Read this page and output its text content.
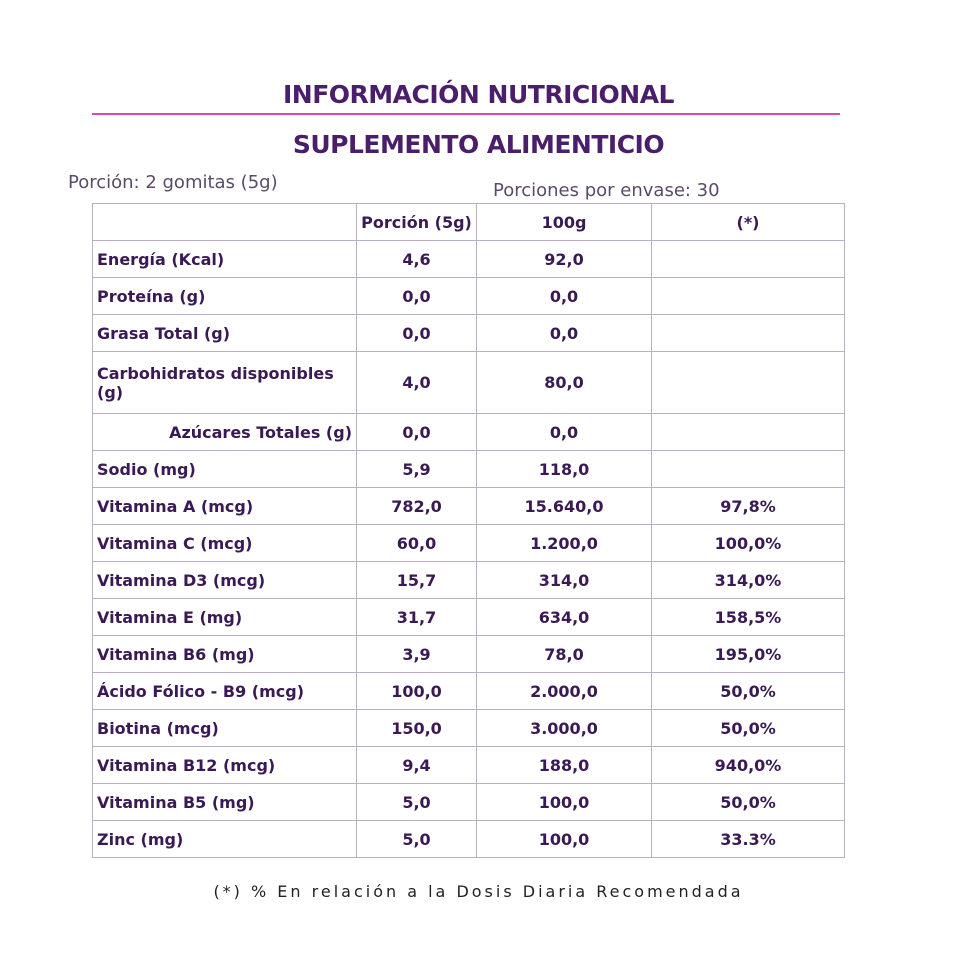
INFORMACIÓN NUTRICIONAL
SUPLEMENTO ALIMENTICIO
Porción: 2 gomitas (5g)	Porciones por envase: 30
	Porción (5g)	100g	(*)
Energía (Kcal)	4,6	92,0	
Proteína (g)	0,0	0,0	
Grasa Total (g)	0,0	0,0	
Carbohidratos disponibles (g)	4,0	80,0	
Azúcares Totales (g)	0,0	0,0	
Sodio (mg)	5,9	118,0	
Vitamina A (mcg)	782,0	15.640,0	97,8%
Vitamina C (mcg)	60,0	1.200,0	100,0%
Vitamina D3 (mcg)	15,7	314,0	314,0%
Vitamina E (mg)	31,7	634,0	158,5%
Vitamina B6 (mg)	3,9	78,0	195,0%
Ácido Fólico - B9 (mcg)	100,0	2.000,0	50,0%
Biotina (mcg)	150,0	3.000,0	50,0%
Vitamina B12 (mcg)	9,4	188,0	940,0%
Vitamina B5 (mg)	5,0	100,0	50,0%
Zinc (mg)	5,0	100,0	33.3%
(*) % En relación a la Dosis Diaria Recomendada
